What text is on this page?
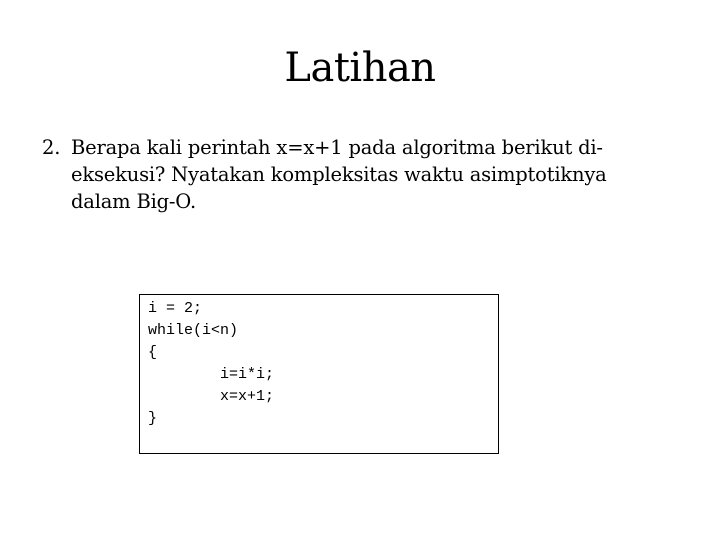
Latihan
2. Berapa kali perintah x=x+1 pada algoritma berikut di-
eksekusi? Nyatakan kompleksitas waktu asimptotiknya
dalam Big-O.
i = 2;
while(i<n)
{
i=i*i;
x=x+1;
}
